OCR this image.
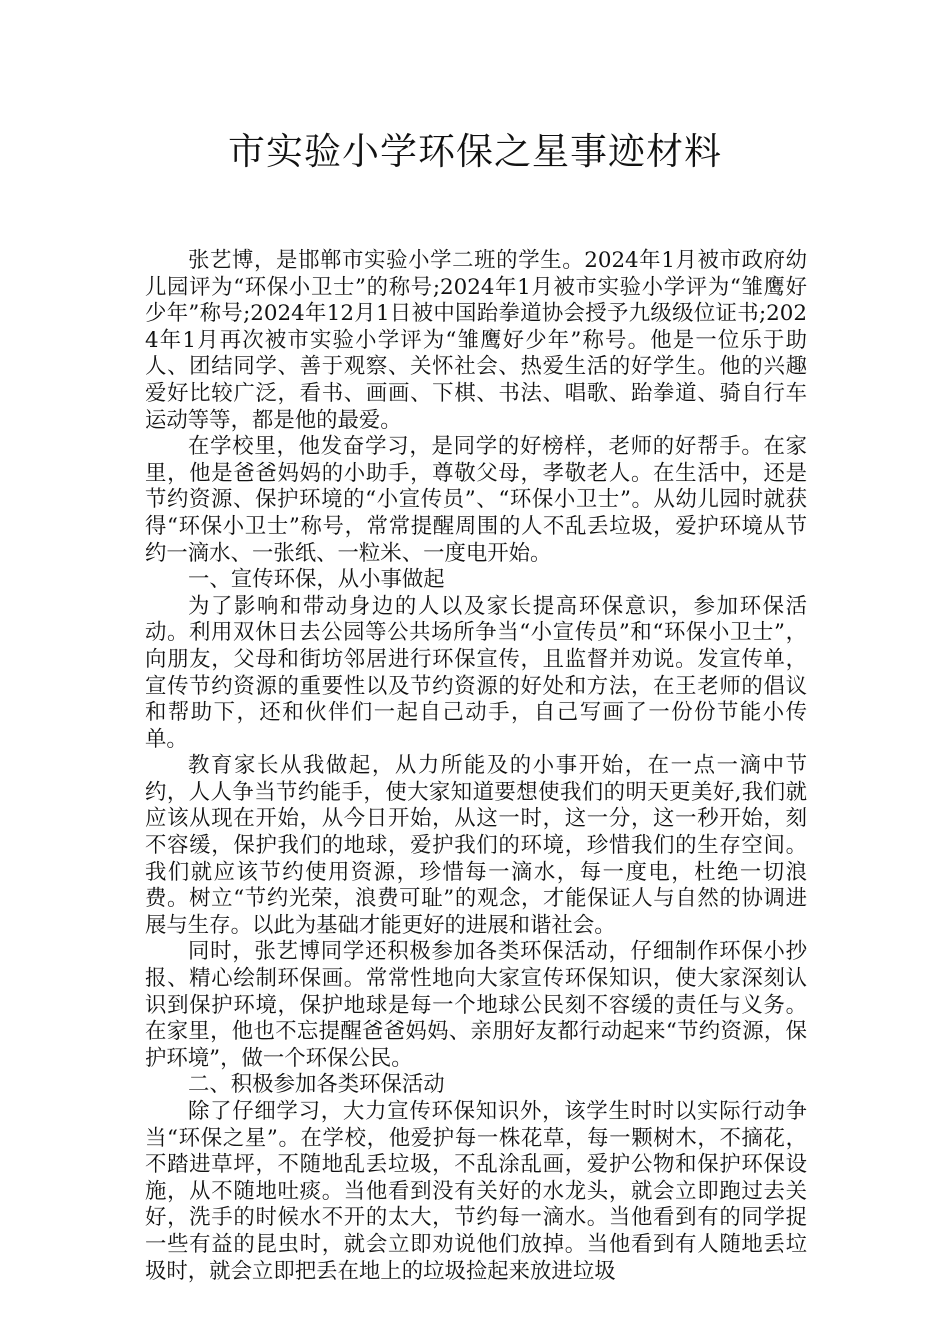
市实验小学环保之星事迹材料

张艺博，是邯郸市实验小学二班的学生。2024年1月被市政府幼儿园评为“环保小卫士”的称号;2024年1月被市实验小学评为“雏鹰好少年”称号;2024年12月1日被中国跆拳道协会授予九级级位证书;2024年1月再次被市实验小学评为“雏鹰好少年”称号。他是一位乐于助人、团结同学、善于观察、关怀社会、热爱生活的好学生。他的兴趣爱好比较广泛，看书、画画、下棋、书法、唱歌、跆拳道、骑自行车运动等等，都是他的最爱。

在学校里，他发奋学习，是同学的好榜样，老师的好帮手。在家里，他是爸爸妈妈的小助手，尊敬父母，孝敬老人。在生活中，还是节约资源、保护环境的“小宣传员”、“环保小卫士”。从幼儿园时就获得“环保小卫士”称号，常常提醒周围的人不乱丢垃圾，爱护环境从节约一滴水、一张纸、一粒米、一度电开始。

一、宣传环保，从小事做起

为了影响和带动身边的人以及家长提高环保意识，参加环保活动。利用双休日去公园等公共场所争当“小宣传员”和“环保小卫士”，向朋友，父母和街坊邻居进行环保宣传，且监督并劝说。发宣传单，宣传节约资源的重要性以及节约资源的好处和方法，在王老师的倡议和帮助下，还和伙伴们一起自己动手，自己写画了一份份节能小传单。

教育家长从我做起，从力所能及的小事开始，在一点一滴中节约，人人争当节约能手，使大家知道要想使我们的明天更美好,我们就应该从现在开始，从今日开始，从这一时，这一分，这一秒开始，刻不容缓，保护我们的地球，爱护我们的环境，珍惜我们的生存空间。我们就应该节约使用资源，珍惜每一滴水，每一度电，杜绝一切浪费。树立“节约光荣，浪费可耻”的观念，才能保证人与自然的协调进展与生存。以此为基础才能更好的进展和谐社会。

同时，张艺博同学还积极参加各类环保活动，仔细制作环保小抄报、精心绘制环保画。常常性地向大家宣传环保知识，使大家深刻认识到保护环境，保护地球是每一个地球公民刻不容缓的责任与义务。在家里，他也不忘提醒爸爸妈妈、亲朋好友都行动起来“节约资源，保护环境”，做一个环保公民。

二、积极参加各类环保活动

除了仔细学习，大力宣传环保知识外，该学生时时以实际行动争当“环保之星”。在学校，他爱护每一株花草，每一颗树木，不摘花，不踏进草坪，不随地乱丢垃圾，不乱涂乱画，爱护公物和保护环保设施，从不随地吐痰。当他看到没有关好的水龙头，就会立即跑过去关好，洗手的时候水不开的太大，节约每一滴水。当他看到有的同学捉一些有益的昆虫时，就会立即劝说他们放掉。当他看到有人随地丢垃圾时，就会立即把丢在地上的垃圾捡起来放进垃圾
